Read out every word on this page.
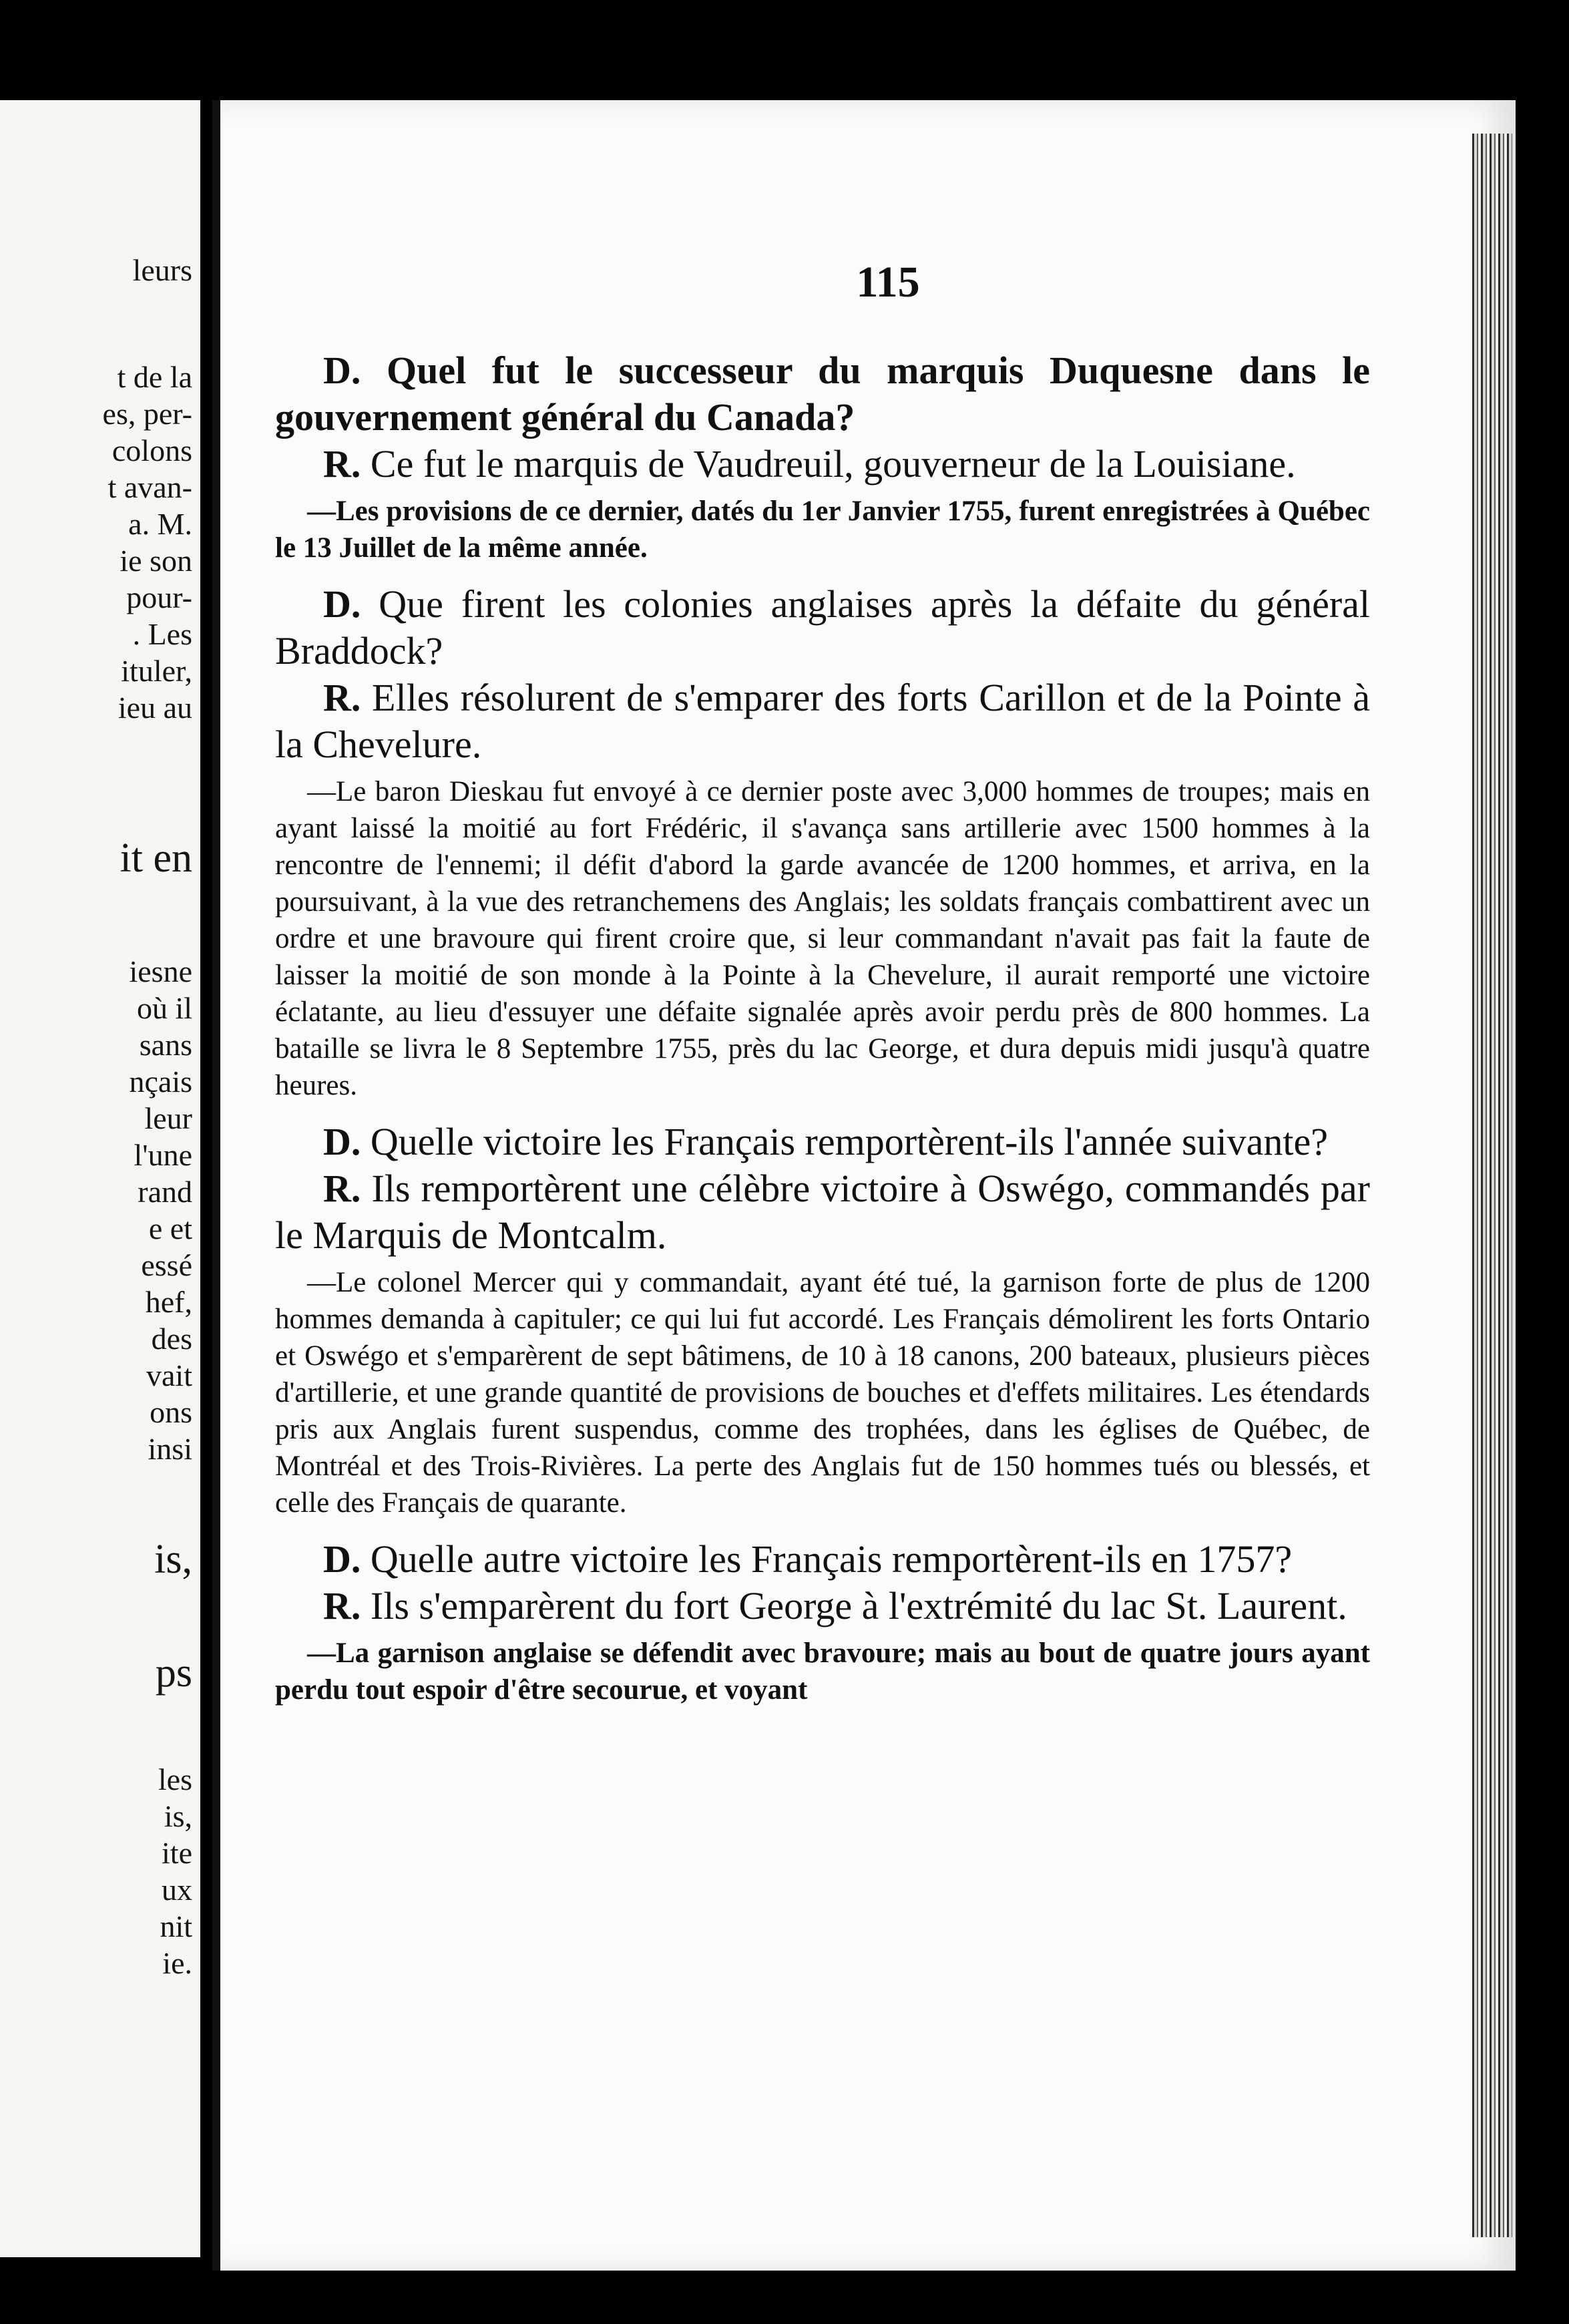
leurs
t de la
es, per-
colons
t avan-
a. M.
ie son
pour-
. Les
ituler,
ieu au
it en
iesne
où il
sans
nçais
leur
l'une
rand
e et
essé
hef,
des
vait
ons
insi
is,
ps
les
is,
ite
ux
nit
ie.
115

D. Quel fut le successeur du marquis Duquesne dans le gouvernement général du Canada?

R. Ce fut le marquis de Vaudreuil, gouverneur de la Louisiane.

—Les provisions de ce dernier, datés du 1er Janvier 1755, furent enregistrées à Québec le 13 Juillet de la même année.

D. Que firent les colonies anglaises après la défaite du général Braddock?

R. Elles résolurent de s'emparer des forts Carillon et de la Pointe à la Chevelure.

—Le baron Dieskau fut envoyé à ce dernier poste avec 3,000 hommes de troupes; mais en ayant laissé la moitié au fort Frédéric, il s'avança sans artillerie avec 1500 hommes à la rencontre de l'ennemi; il défit d'abord la garde avancée de 1200 hommes, et arriva, en la poursuivant, à la vue des retranchemens des Anglais; les soldats français combattirent avec un ordre et une bravoure qui firent croire que, si leur commandant n'avait pas fait la faute de laisser la moitié de son monde à la Pointe à la Chevelure, il aurait remporté une victoire éclatante, au lieu d'essuyer une défaite signalée après avoir perdu près de 800 hommes. La bataille se livra le 8 Septembre 1755, près du lac George, et dura depuis midi jusqu'à quatre heures.

D. Quelle victoire les Français remportèrent-ils l'année suivante?

R. Ils remportèrent une célèbre victoire à Oswégo, commandés par le Marquis de Montcalm.

—Le colonel Mercer qui y commandait, ayant été tué, la garnison forte de plus de 1200 hommes demanda à capituler; ce qui lui fut accordé. Les Français démolirent les forts Ontario et Oswégo et s'emparèrent de sept bâtimens, de 10 à 18 canons, 200 bateaux, plusieurs pièces d'artillerie, et une grande quantité de provisions de bouches et d'effets militaires. Les étendards pris aux Anglais furent suspendus, comme des trophées, dans les églises de Québec, de Montréal et des Trois-Rivières. La perte des Anglais fut de 150 hommes tués ou blessés, et celle des Français de quarante.

D. Quelle autre victoire les Français remportèrent-ils en 1757?

R. Ils s'emparèrent du fort George à l'extrémité du lac St. Laurent.

—La garnison anglaise se défendit avec bravoure; mais au bout de quatre jours ayant perdu tout espoir d'être secourue, et voyant
